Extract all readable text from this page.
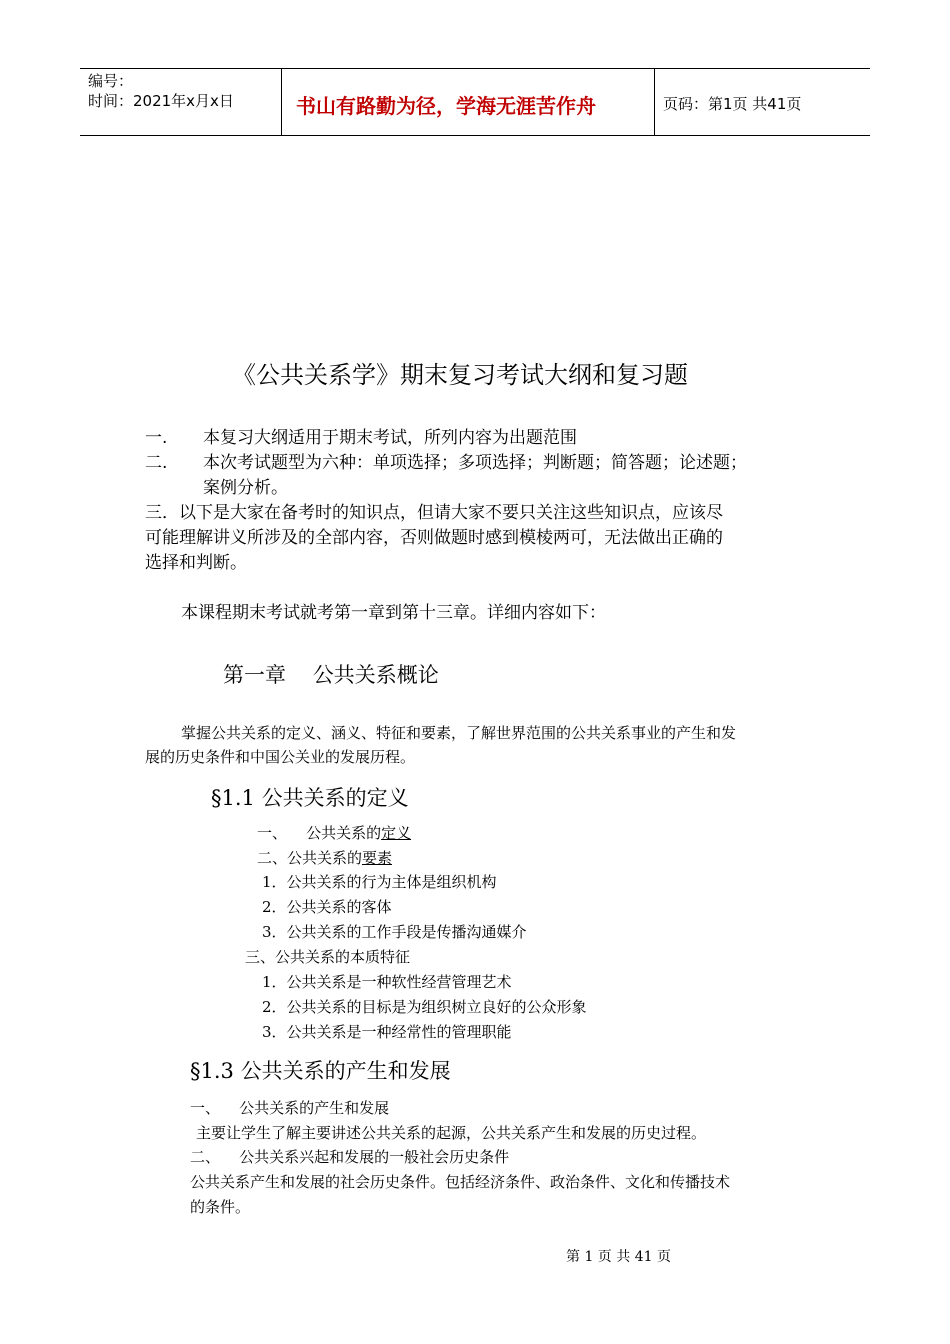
编号：
时间：2021年x月x日	书山有路勤为径，学海无涯苦作舟	页码：第1页 共41页
《公共关系学》期末复习考试大纲和复习题
一. 本复习大纲适用于期末考试，所列内容为出题范围
二. 本次考试题型为六种：单项选择；多项选择；判断题；简答题；论述题；
案例分析。
三．以下是大家在备考时的知识点，但请大家不要只关注这些知识点，应该尽
可能理解讲义所涉及的全部内容，否则做题时感到模棱两可，无法做出正确的
选择和判断。
本课程期末考试就考第一章到第十三章。详细内容如下：
第一章    公共关系概论
掌握公共关系的定义、涵义、特征和要素，了解世界范围的公共关系事业的产生和发
展的历史条件和中国公关业的发展历程。
§1.1 公共关系的定义
一、    公共关系的定义
二、公共关系的要素
1．公共关系的行为主体是组织机构
2．公共关系的客体
3．公共关系的工作手段是传播沟通媒介
三、公共关系的本质特征
1．公共关系是一种软性经营管理艺术
2．公共关系的目标是为组织树立良好的公众形象
3．公共关系是一种经常性的管理职能
§1.3 公共关系的产生和发展
一、    公共关系的产生和发展
主要让学生了解主要讲述公共关系的起源，公共关系产生和发展的历史过程。
二、    公共关系兴起和发展的一般社会历史条件
公共关系产生和发展的社会历史条件。包括经济条件、政治条件、文化和传播技术
的条件。
第 1 页 共 41 页
